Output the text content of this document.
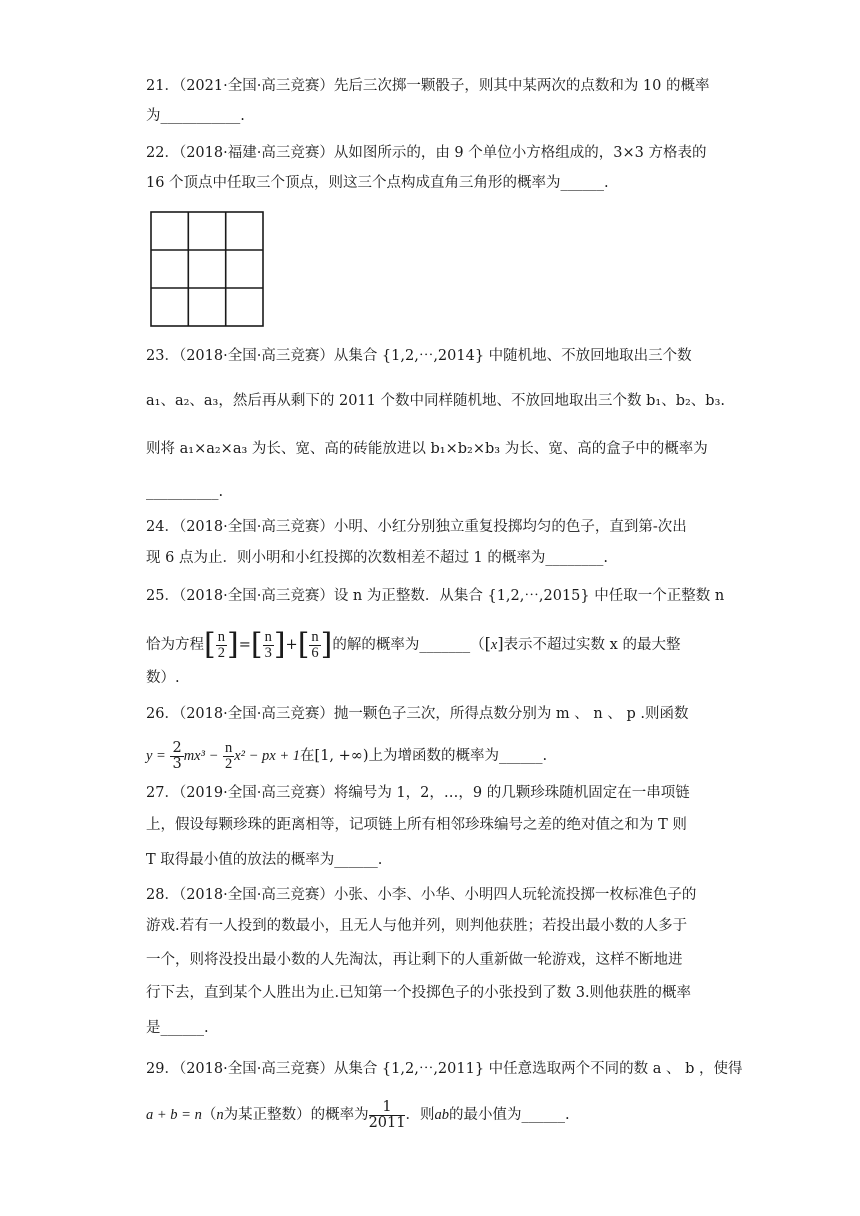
21．（2021·全国·高三竞赛）先后三次掷一颗骰子，则其中某两次的点数和为 10 的概率
为___________.
22．（2018·福建·高三竞赛）从如图所示的，由 9 个单位小方格组成的，3×3 方格表的
16 个顶点中任取三个顶点，则这三个点构成直角三角形的概率为______.
23．（2018·全国·高三竞赛）从集合 {1,2,⋯,2014} 中随机地、不放回地取出三个数
a₁、a₂、a₃，然后再从剩下的 2011 个数中同样随机地、不放回地取出三个数 b₁、b₂、b₃.
则将 a₁×a₂×a₃ 为长、宽、高的砖能放进以 b₁×b₂×b₃ 为长、宽、高的盒子中的概率为
__________.
24．（2018·全国·高三竞赛）小明、小红分别独立重复投掷均匀的色子，直到第-次出
现 6 点为止．则小明和小红投掷的次数相差不超过 1 的概率为________.
25．（2018·全国·高三竞赛）设 n 为正整数．从集合 {1,2,⋯,2015} 中任取一个正整数 n
恰为方程[ $\frac{n}{2}$ ]=[ $\frac{n}{3}$ ]+[ $\frac{n}{6}$ ]的解的概率为_______（[x]表示不超过实数 x 的最大整
数）.
26．（2018·全国·高三竞赛）抛一颗色子三次，所得点数分别为 m 、 n 、 p .则函数
$y = \frac{2}{3} mx^3 - \frac{n}{2} x^2$ − px + 1在[1, +∞)上为增函数的概率为______.
27．（2019·全国·高三竞赛）将编号为 1，2，…，9 的几颗珍珠随机固定在一串项链
上，假设每颗珍珠的距离相等，记项链上所有相邻珍珠编号之差的绝对值之和为 T 则
T 取得最小值的放法的概率为______.
28．（2018·全国·高三竞赛）小张、小李、小华、小明四人玩轮流投掷一枚标准色子的
游戏.若有一人投到的数最小，且无人与他并列，则判他获胜；若投出最小数的人多于
一个，则将没投出最小数的人先淘汰，再让剩下的人重新做一轮游戏，这样不断地进
行下去，直到某个人胜出为止.已知第一个投掷色子的小张投到了数 3.则他获胜的概率
是______.
29．（2018·全国·高三竞赛）从集合 {1,2,⋯,2011} 中任意选取两个不同的数 a 、 b ，使得
a + b = n（n为某正整数）的概率为 $\frac{1}{2011}$ ．则ab的最小值为______.
